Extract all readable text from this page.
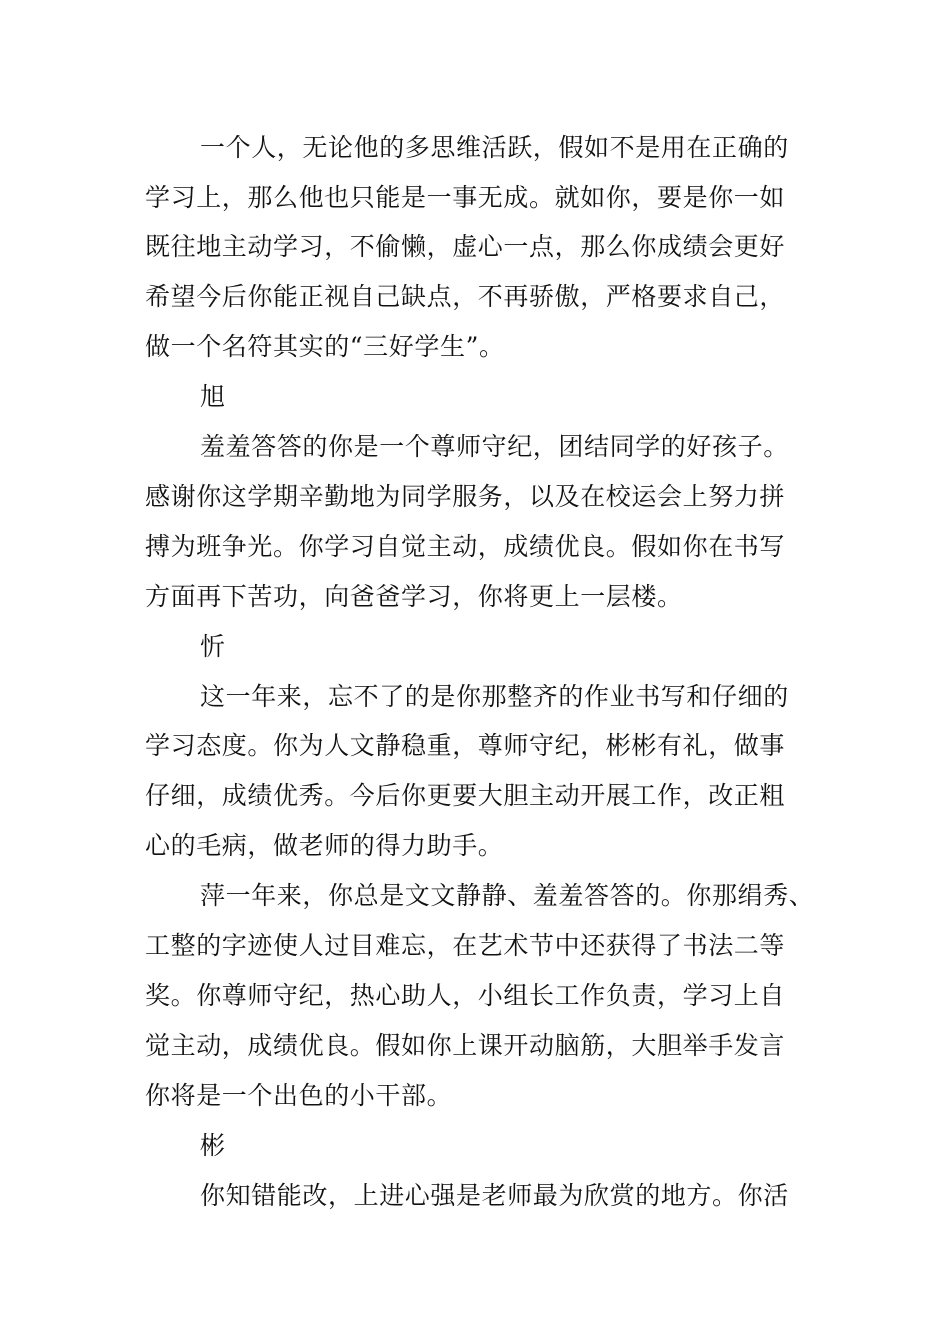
一个人，无论他的多思维活跃，假如不是用在正确的
学习上，那么他也只能是一事无成。就如你，要是你一如
既往地主动学习，不偷懒，虚心一点，那么你成绩会更好
希望今后你能正视自己缺点，不再骄傲，严格要求自己，
做一个名符其实的“三好学生”。
旭
羞羞答答的你是一个尊师守纪，团结同学的好孩子。
感谢你这学期辛勤地为同学服务，以及在校运会上努力拼
搏为班争光。你学习自觉主动，成绩优良。假如你在书写
方面再下苦功，向爸爸学习，你将更上一层楼。
忻
这一年来，忘不了的是你那整齐的作业书写和仔细的
学习态度。你为人文静稳重，尊师守纪，彬彬有礼，做事
仔细，成绩优秀。今后你更要大胆主动开展工作，改正粗
心的毛病，做老师的得力助手。
萍一年来，你总是文文静静、羞羞答答的。你那绢秀、
工整的字迹使人过目难忘，在艺术节中还获得了书法二等
奖。你尊师守纪，热心助人，小组长工作负责，学习上自
觉主动，成绩优良。假如你上课开动脑筋，大胆举手发言
你将是一个出色的小干部。
彬
你知错能改，上进心强是老师最为欣赏的地方。你活
